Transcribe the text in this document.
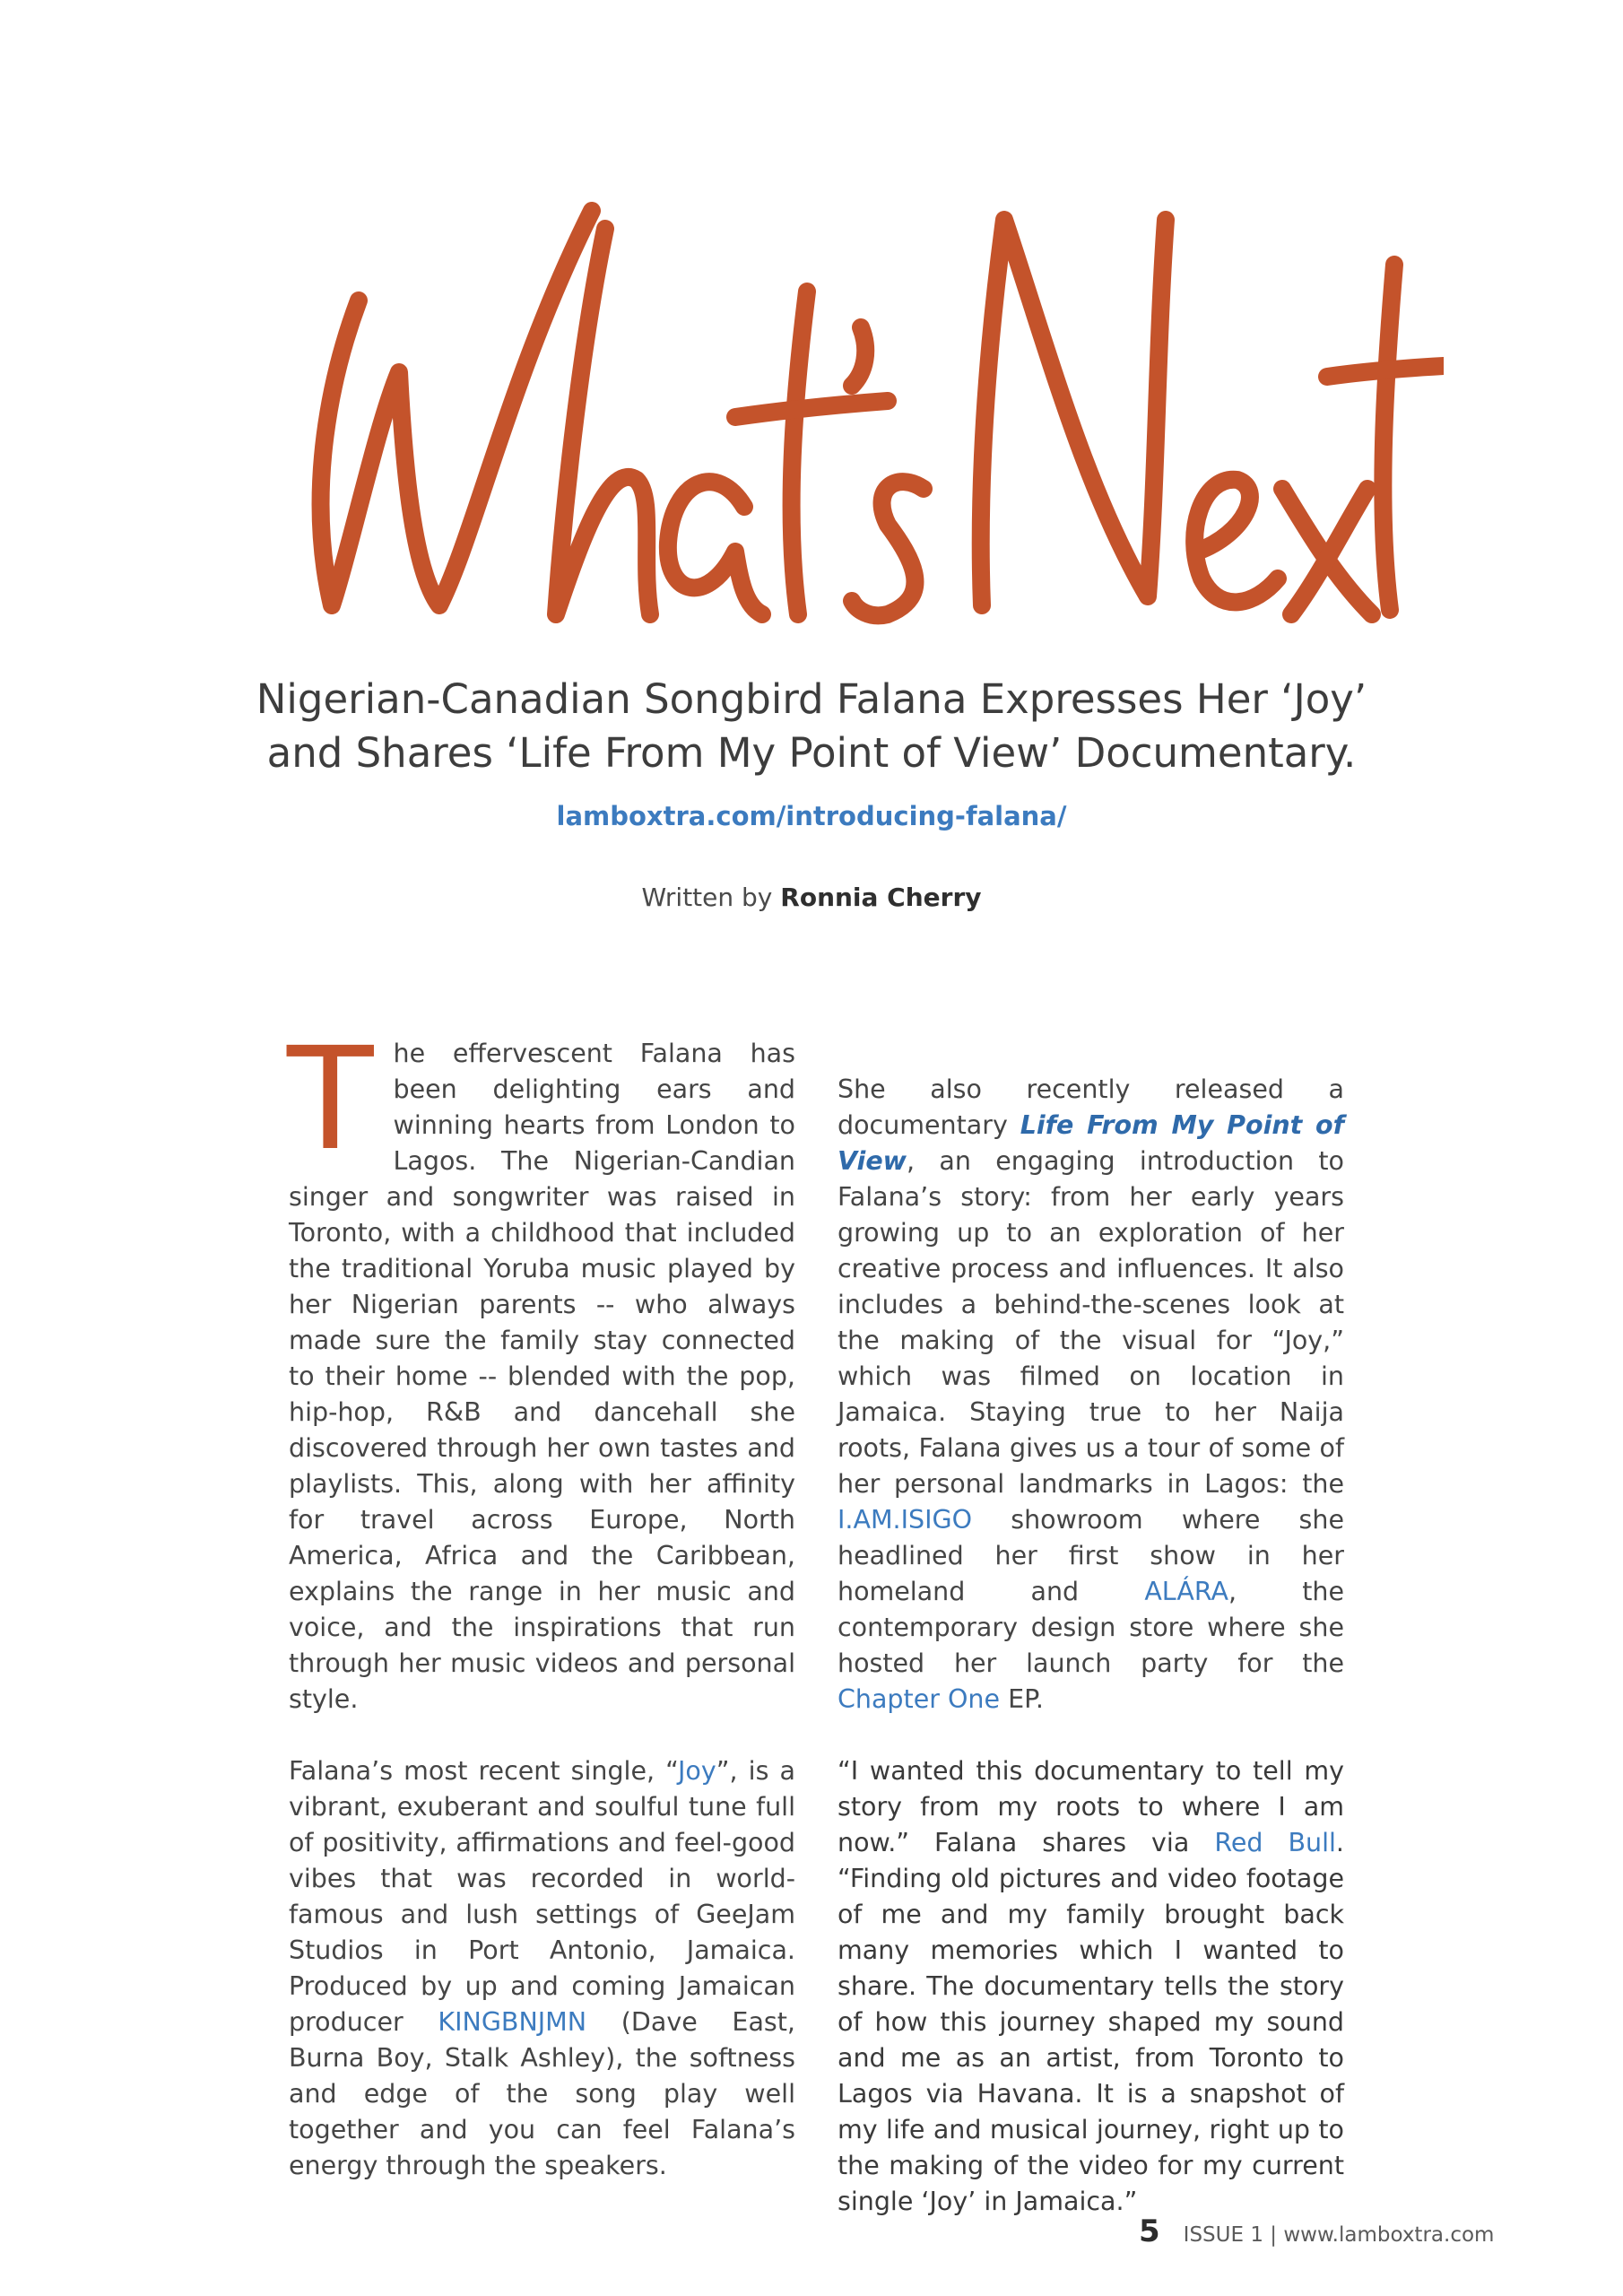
Nigerian-Canadian Songbird Falana Expresses Her ‘Joy’
and Shares ‘Life From My Point of View’ Documentary.
lamboxtra.com/introducing-falana/
Written by Ronnia Cherry

The effervescent Falana has been delighting ears and winning hearts from London to Lagos. The Nigerian-Candian singer and songwriter was raised in Toronto, with a childhood that included the traditional Yoruba music played by her Nigerian parents -- who always made sure the family stay connected to their home -- blended with the pop, hip-hop, R&B and dancehall she discovered through her own tastes and playlists. This, along with her affinity for travel across Europe, North America, Africa and the Caribbean, explains the range in her music and voice, and the inspirations that run through her music videos and personal style.

Falana’s most recent single, “Joy”, is a vibrant, exuberant and soulful tune full of positivity, affirmations and feel-good vibes that was recorded in world-famous and lush settings of GeeJam Studios in Port Antonio, Jamaica. Produced by up and coming Jamaican producer KINGBNJMN (Dave East, Burna Boy, Stalk Ashley), the softness and edge of the song play well together and you can feel Falana’s energy through the speakers.

She also recently released a documentary Life From My Point of View, an engaging introduction to Falana’s story: from her early years growing up to an exploration of her creative process and influences. It also includes a behind-the-scenes look at the making of the visual for “Joy,” which was filmed on location in Jamaica. Staying true to her Naija roots, Falana gives us a tour of some of her personal landmarks in Lagos: the I.AM.ISIGO showroom where she headlined her first show in her homeland and ALÁRA, the contemporary design store where she hosted her launch party for the Chapter One EP.

“I wanted this documentary to tell my story from my roots to where I am now.” Falana shares via Red Bull. “Finding old pictures and video footage of me and my family brought back many memories which I wanted to share. The documentary tells the story of how this journey shaped my sound and me as an artist, from Toronto to Lagos via Havana. It is a snapshot of my life and musical journey, right up to the making of the video for my current single ‘Joy’ in Jamaica.”

5 ISSUE 1 | www.lamboxtra.com
